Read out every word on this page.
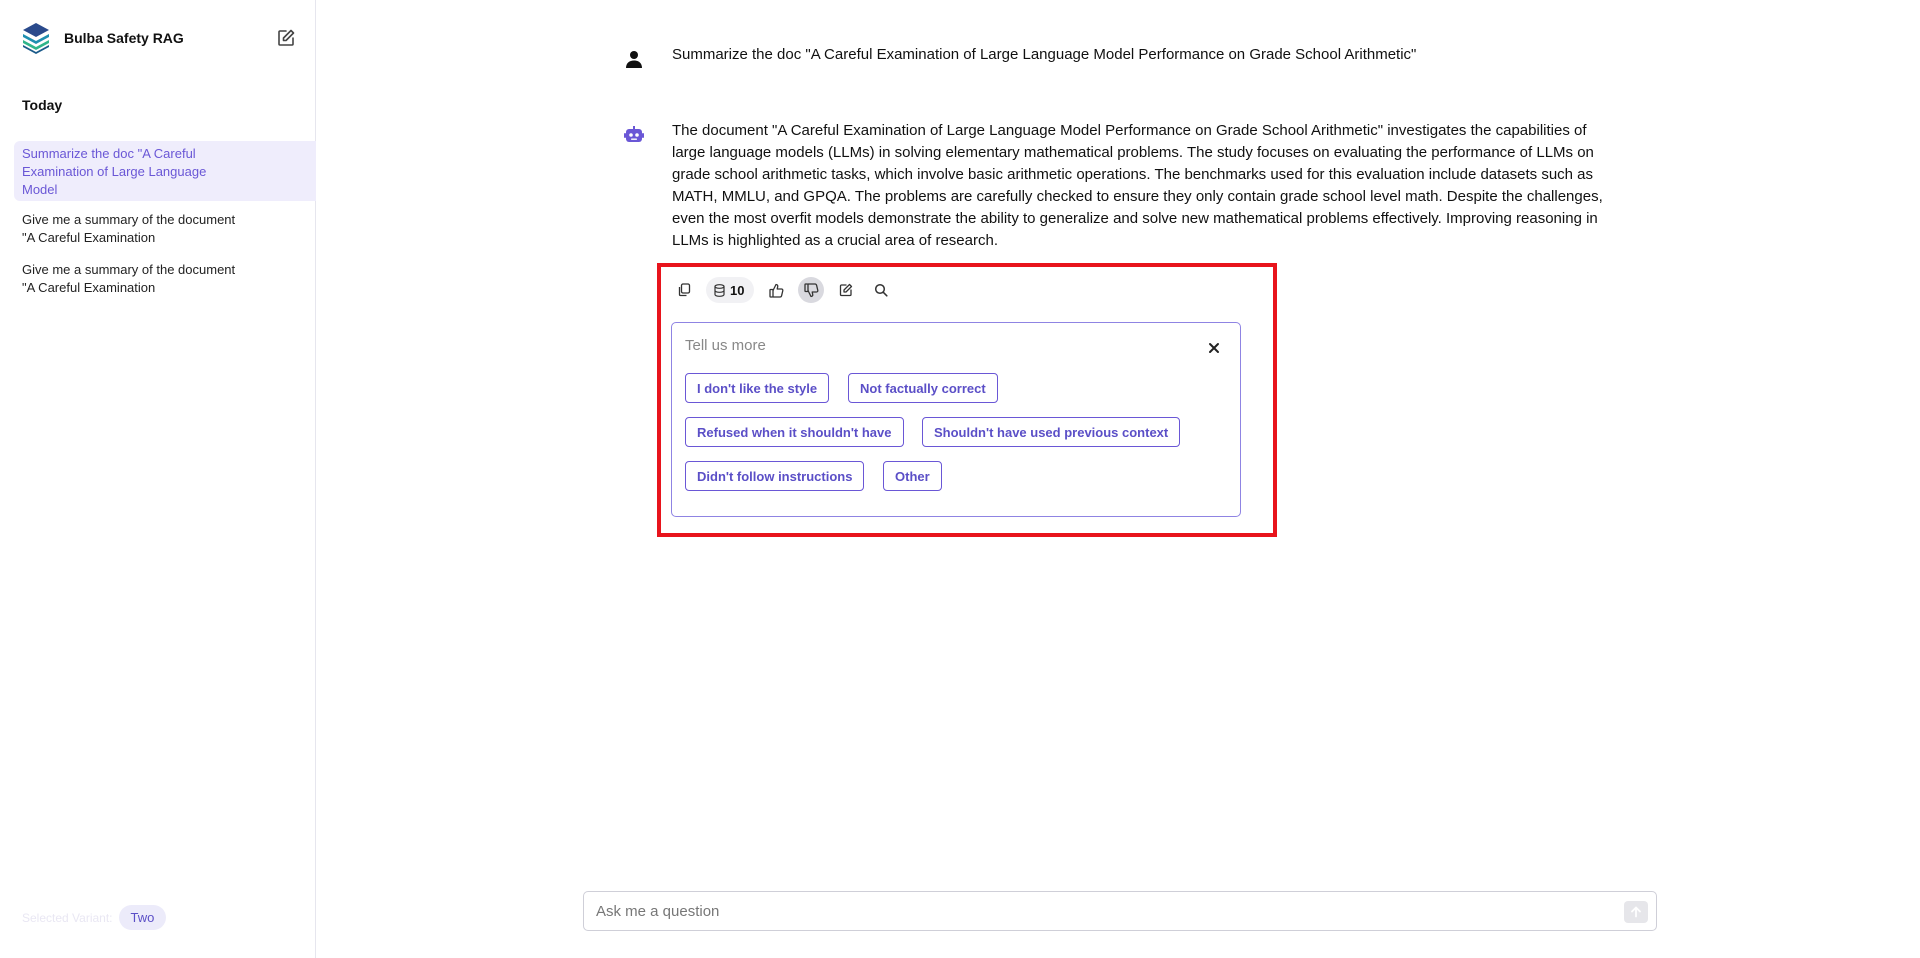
Bulba Safety RAG
Today
Summarize the doc "A Careful Examination of Large Language Model
Give me a summary of the document "A Careful Examination
Give me a summary of the document "A Careful Examination
Selected Variant:	Two
Summarize the doc "A Careful Examination of Large Language Model Performance on Grade School Arithmetic"
The document "A Careful Examination of Large Language Model Performance on Grade School Arithmetic" investigates the capabilities of large language models (LLMs) in solving elementary mathematical problems. The study focuses on evaluating the performance of LLMs on grade school arithmetic tasks, which involve basic arithmetic operations. The benchmarks used for this evaluation include datasets such as MATH, MMLU, and GPQA. The problems are carefully checked to ensure they only contain grade school level math. Despite the challenges, even the most overfit models demonstrate the ability to generalize and solve new mathematical problems effectively. Improving reasoning in LLMs is highlighted as a crucial area of research.
10
Tell us more
I don't like the style	Not factually correct
Refused when it shouldn't have	Shouldn't have used previous context
Didn't follow instructions	Other
Ask me a question
